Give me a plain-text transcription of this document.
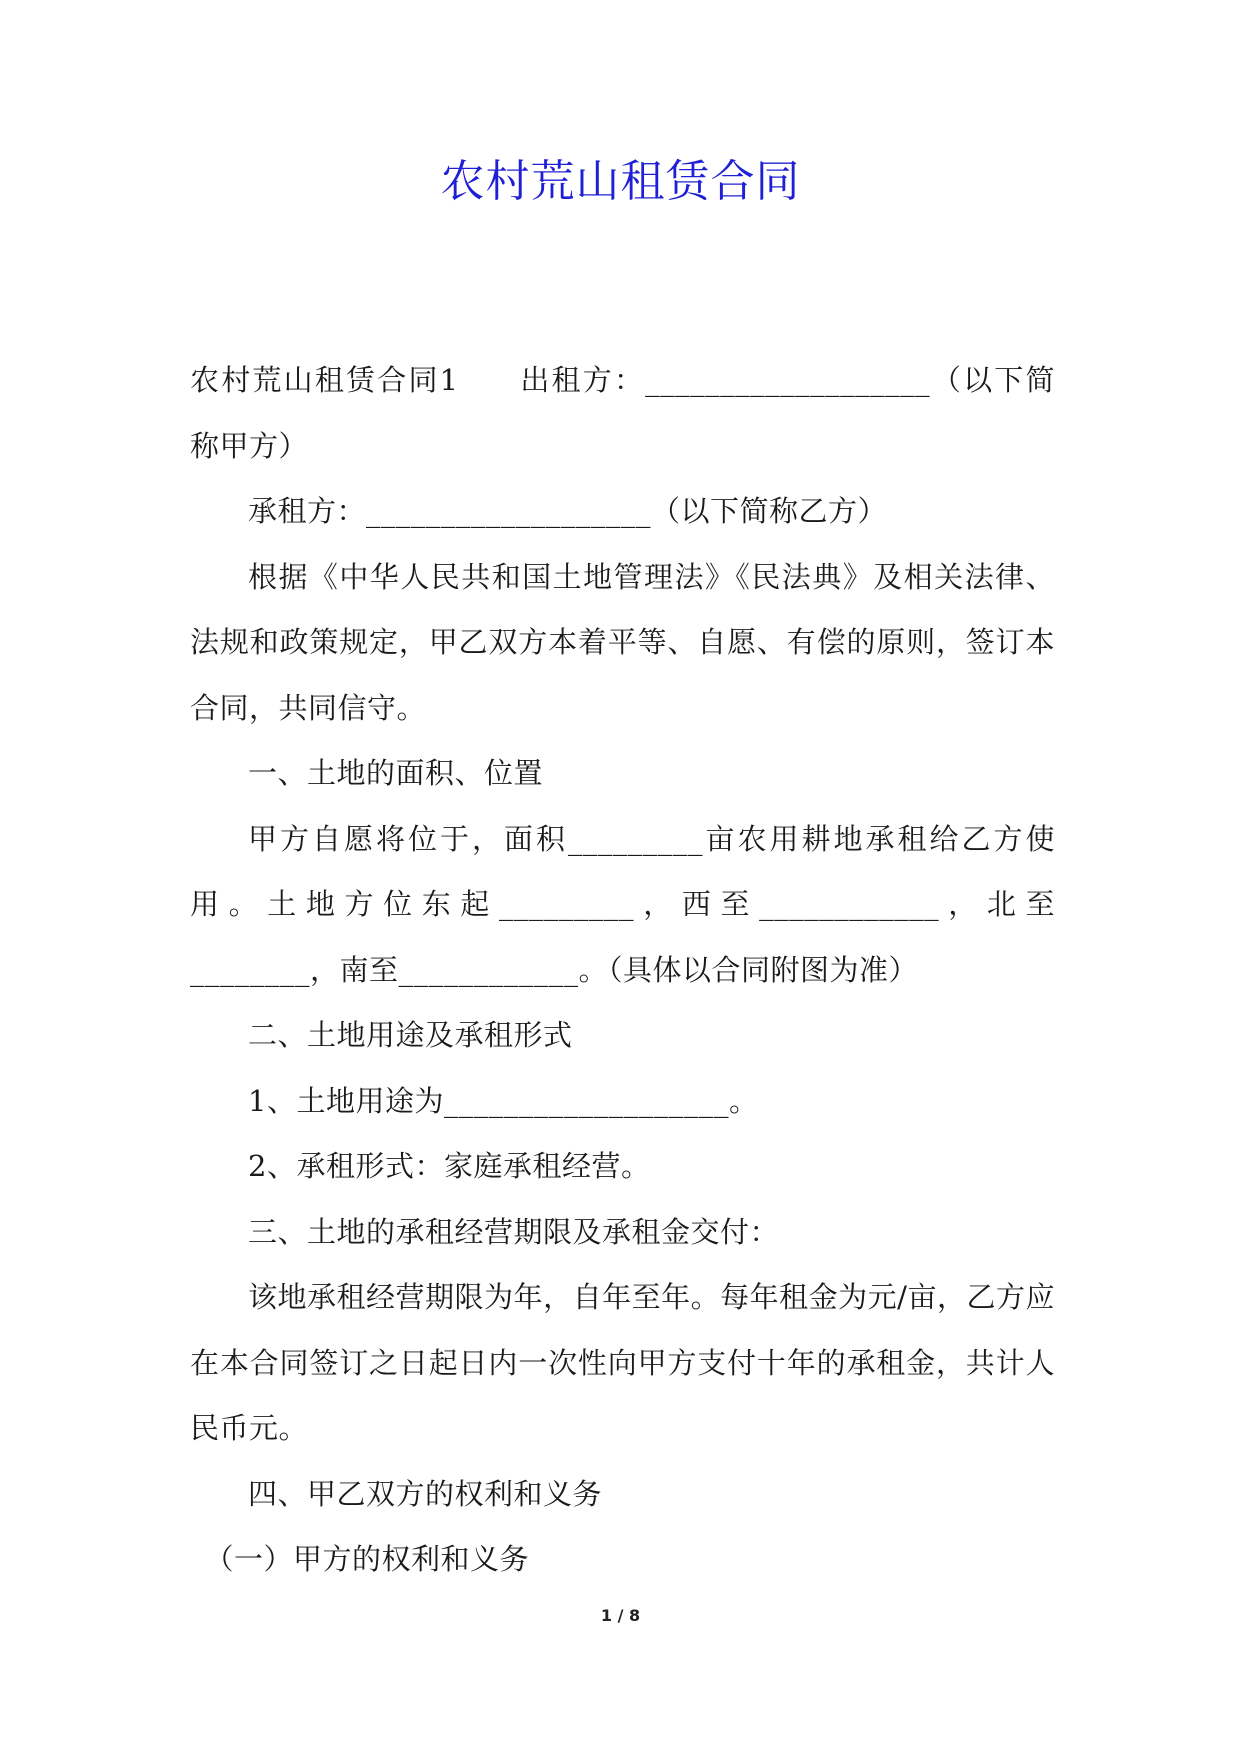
农村荒山租赁合同

农村荒山租赁合同1 出租方：___________________（以下简称甲方）

承租方：___________________（以下简称乙方）

根据《中华人民共和国土地管理法》《民法典》及相关法律、法规和政策规定，甲乙双方本着平等、自愿、有偿的原则，签订本合同，共同信守。

一、土地的面积、位置

甲方自愿将位于，面积_________亩农用耕地承租给乙方使用。土地方位东起_________，西至____________，北至

________，南至____________。（具体以合同附图为准）

二、土地用途及承租形式

1、土地用途为___________________。

2、承租形式：家庭承租经营。

三、土地的承租经营期限及承租金交付：

该地承租经营期限为年，自年至年。每年租金为元/亩，乙方应在本合同签订之日起日内一次性向甲方支付十年的承租金，共计人民币元。

四、甲乙双方的权利和义务

（一）甲方的权利和义务

1 / 8
